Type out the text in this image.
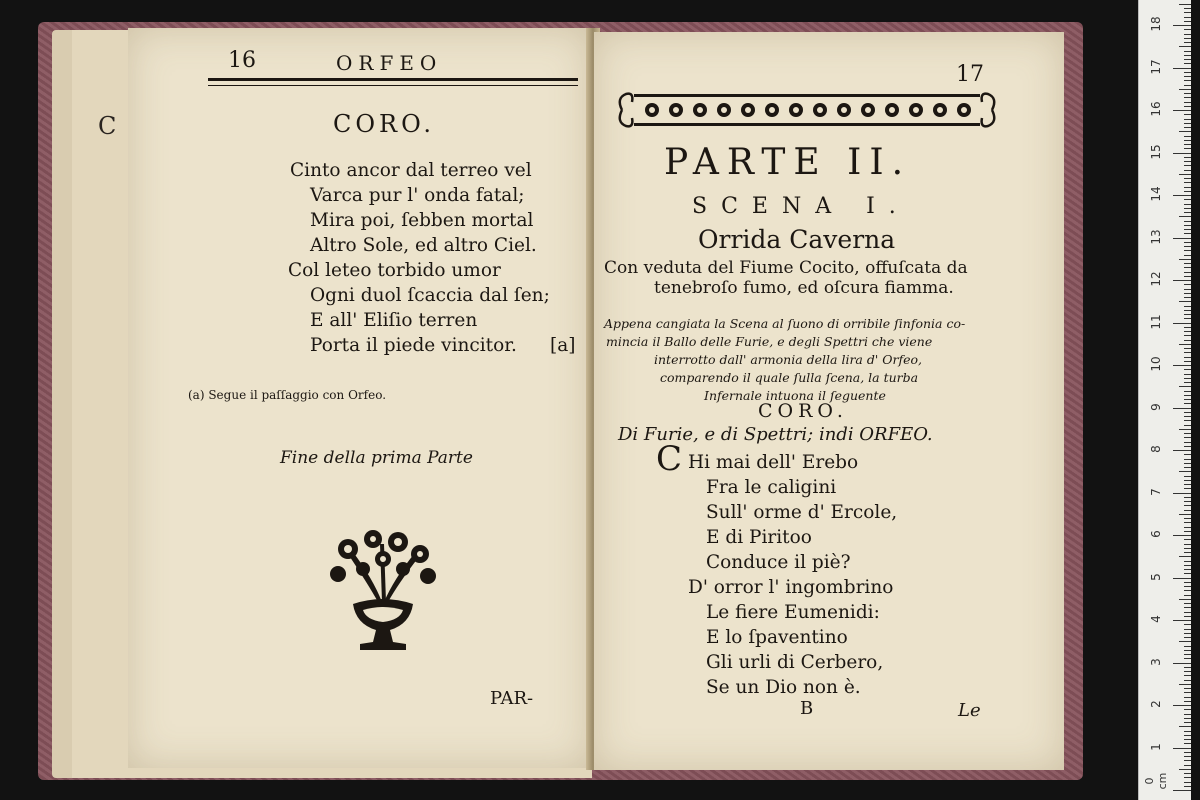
C
16	ORFEO
CORO.
Cinto ancor dal terreo vel
Varca pur l' onda fatal;
Mira poi, ſebben mortal
Altro Sole, ed altro Ciel.
Col leteo torbido umor
Ogni duol ſcaccia dal ſen;
E all' Eliſio terren
Porta il piede vincitor. [a]
(a) Segue il paſſaggio con Orfeo.
Fine della prima Parte
PAR-
17
PARTE II.
SCENA I.
Orrida Caverna
Con veduta del Fiume Cocito, offuſcata da
tenebroſo fumo, ed oſcura fiamma.
Appena cangiata la Scena al ſuono di orribile ſinfonia co-
mincia il Ballo delle Furie, e degli Spettri che viene
interrotto dall' armonia della lira d' Orfeo,
comparendo il quale ſulla ſcena, la turba
Infernale intuona il ſeguente
CORO.
Di Furie, e di Spettri; indi ORFEO.
C Hi mai dell' Erebo
Fra le caligini
Sull' orme d' Ercole,
E di Piritoo
Conduce il piè?
D' orror l' ingombrino
Le fiere Eumenidi:
E lo ſpaventino
Gli urli di Cerbero,
Se un Dio non è.
B	Le
0 cm
1
2
3
4
5
6
7
8
9
10
11
12
13
14
15
16
17
18
